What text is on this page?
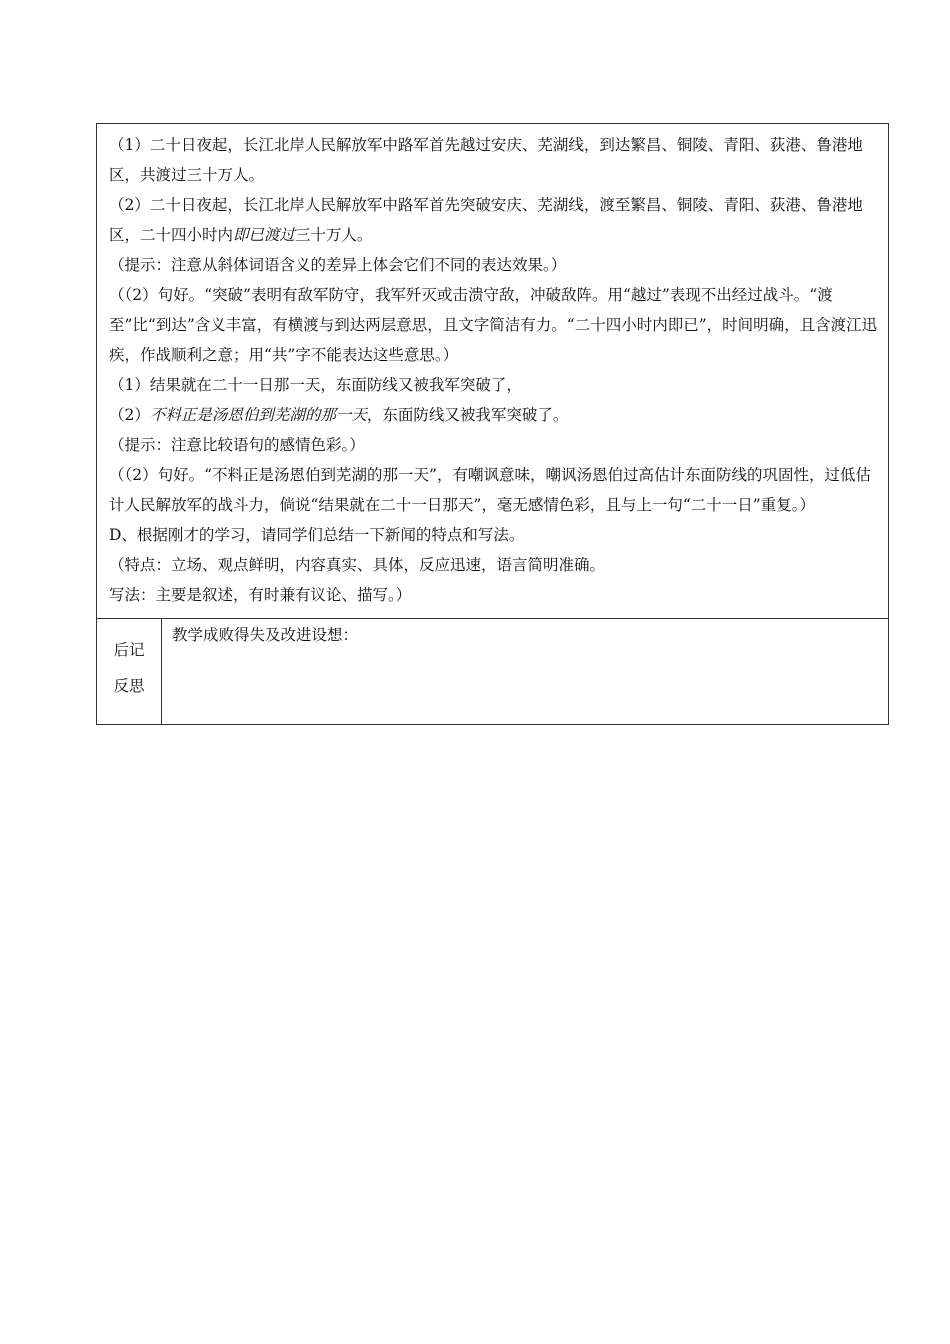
（1）二十日夜起，长江北岸人民解放军中路军首先越过安庆、芜湖线，到达繁昌、铜陵、青阳、荻港、鲁港地区，共渡过三十万人。

（2）二十日夜起，长江北岸人民解放军中路军首先突破安庆、芜湖线，渡至繁昌、铜陵、青阳、荻港、鲁港地区，二十四小时内即已渡过三十万人。

（提示：注意从斜体词语含义的差异上体会它们不同的表达效果。）

（（2）句好。“突破”表明有敌军防守，我军歼灭或击溃守敌，冲破敌阵。用“越过”表现不出经过战斗。“渡至”比“到达”含义丰富，有横渡与到达两层意思，且文字简洁有力。“二十四小时内即已”，时间明确，且含渡江迅疾，作战顺利之意；用“共”字不能表达这些意思。）

（1）结果就在二十一日那一天，东面防线又被我军突破了，

（2）不料正是汤恩伯到芜湖的那一天，东面防线又被我军突破了。

（提示：注意比较语句的感情色彩。）

（（2）句好。“不料正是汤恩伯到芜湖的那一天”，有嘲讽意味，嘲讽汤恩伯过高估计东面防线的巩固性，过低估计人民解放军的战斗力，倘说“结果就在二十一日那天”，毫无感情色彩，且与上一句“二十一日”重复。）

D、根据刚才的学习，请同学们总结一下新闻的特点和写法。

（特点：立场、观点鲜明，内容真实、具体，反应迅速，语言简明准确。

写法：主要是叙述，有时兼有议论、描写。）

后记
反思

教学成败得失及改进设想：
